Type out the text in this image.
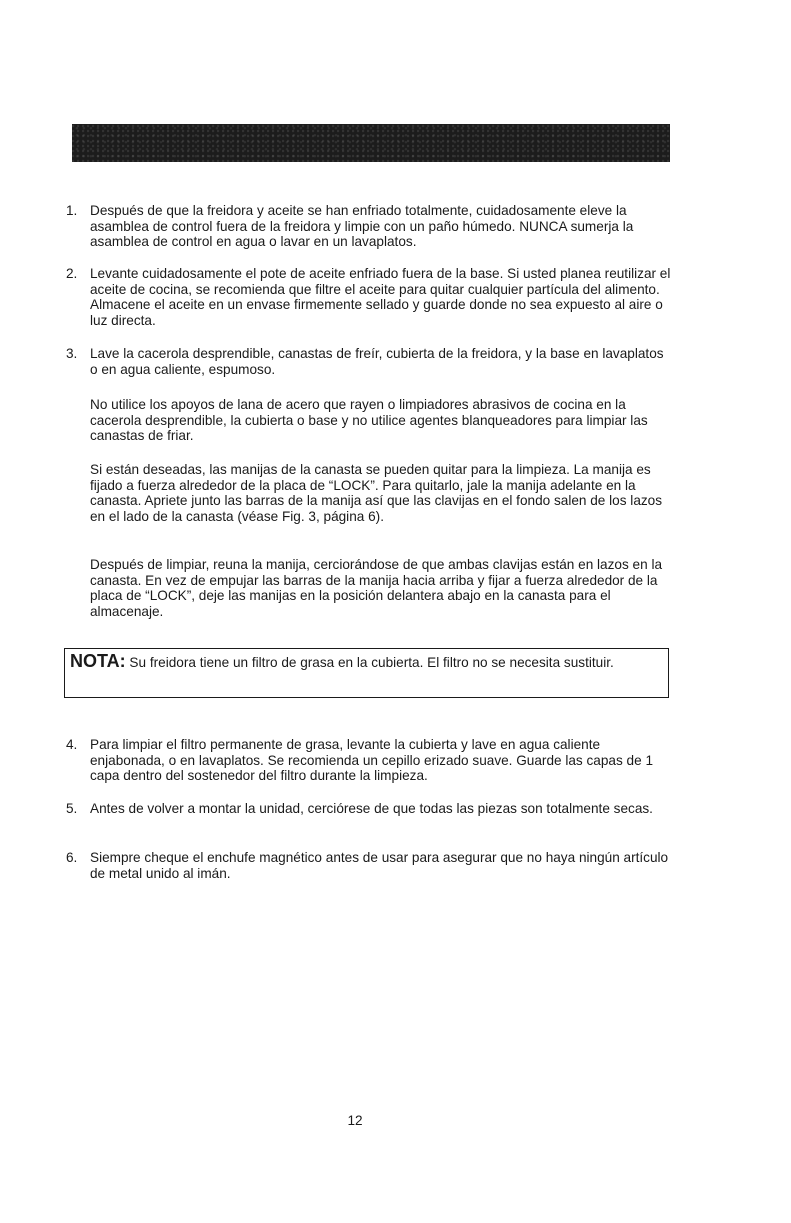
1. Después de que la freidora y aceite se han enfriado totalmente, cuidadosamente eleve la asamblea de control fuera de la freidora y limpie con un paño húmedo. NUNCA sumerja la asamblea de control en agua o lavar en un lavaplatos.
2. Levante cuidadosamente el pote de aceite enfriado fuera de la base. Si usted planea reutilizar el aceite de cocina, se recomienda que filtre el aceite para quitar cualquier partícula del alimento. Almacene el aceite en un envase firmemente sellado y guarde donde no sea expuesto al aire o luz directa.
3. Lave la cacerola desprendible, canastas de freír, cubierta de la freidora, y la base en lavaplatos o en agua caliente, espumoso.
No utilice los apoyos de lana de acero que rayen o limpiadores abrasivos de cocina en la cacerola desprendible, la cubierta o base y no utilice agentes blanqueadores para limpiar las canastas de friar.
Si están deseadas, las manijas de la canasta se pueden quitar para la limpieza. La manija es fijado a fuerza alrededor de la placa de “LOCK”. Para quitarlo, jale la manija adelante en la canasta. Apriete junto las barras de la manija así que las clavijas en el fondo salen de los lazos en el lado de la canasta (véase Fig. 3, página 6).
Después de limpiar, reuna la manija, cerciorándose de que ambas clavijas están en lazos en la canasta. En vez de empujar las barras de la manija hacia arriba y fijar a fuerza alrededor de la placa de “LOCK”, deje las manijas en la posición delantera abajo en la canasta para el almacenaje.
NOTA: Su freidora tiene un filtro de grasa en la cubierta. El filtro no se necesita sustituir.
4. Para limpiar el filtro permanente de grasa, levante la cubierta y lave en agua caliente enjabonada, o en lavaplatos. Se recomienda un cepillo erizado suave. Guarde las capas de 1 capa dentro del sostenedor del filtro durante la limpieza.
5. Antes de volver a montar la unidad, cerciórese de que todas las piezas son totalmente secas.
6. Siempre cheque el enchufe magnético antes de usar para asegurar que no haya ningún artículo de metal unido al imán.
12
